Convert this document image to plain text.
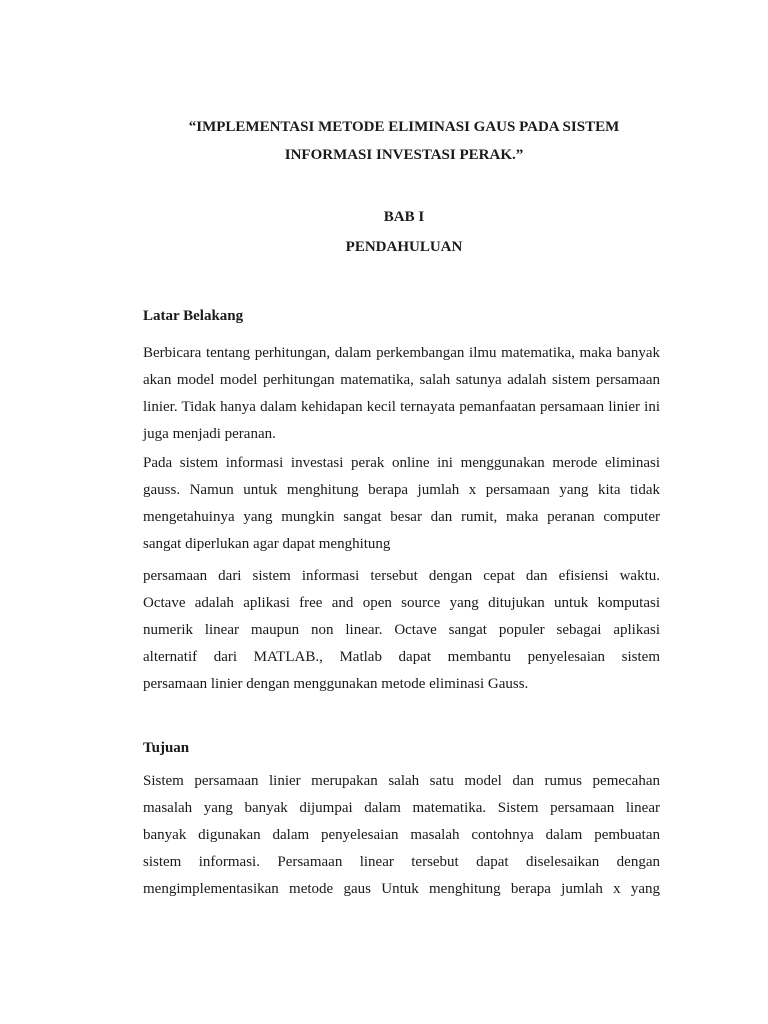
“IMPLEMENTASI METODE ELIMINASI GAUS PADA SISTEM
INFORMASI INVESTASI PERAK.”
BAB I
PENDAHULUAN
Latar Belakang
Berbicara tentang perhitungan, dalam perkembangan ilmu matematika, maka banyak
akan model model perhitungan matematika, salah satunya adalah sistem persamaan
linier. Tidak hanya dalam kehidapan kecil ternayata pemanfaatan persamaan linier ini
juga menjadi peranan.
Pada sistem informasi investasi perak online ini menggunakan merode eliminasi
gauss. Namun untuk menghitung berapa jumlah x persamaan yang kita tidak
mengetahuinya yang mungkin sangat besar dan rumit, maka peranan computer
sangat diperlukan agar dapat menghitung
persamaan dari sistem informasi tersebut dengan cepat dan efisiensi waktu.
Octave adalah aplikasi free and open source yang ditujukan untuk komputasi
numerik linear maupun non linear. Octave sangat populer sebagai aplikasi
alternatif dari MATLAB., Matlab dapat membantu penyelesaian sistem
persamaan linier dengan menggunakan metode eliminasi Gauss.
Tujuan
Sistem persamaan linier merupakan salah satu model dan rumus pemecahan
masalah yang banyak dijumpai dalam matematika. Sistem persamaan linear
banyak digunakan dalam penyelesaian masalah contohnya dalam pembuatan
sistem informasi. Persamaan linear tersebut dapat diselesaikan dengan
mengimplementasikan metode gaus Untuk menghitung berapa jumlah x yang
